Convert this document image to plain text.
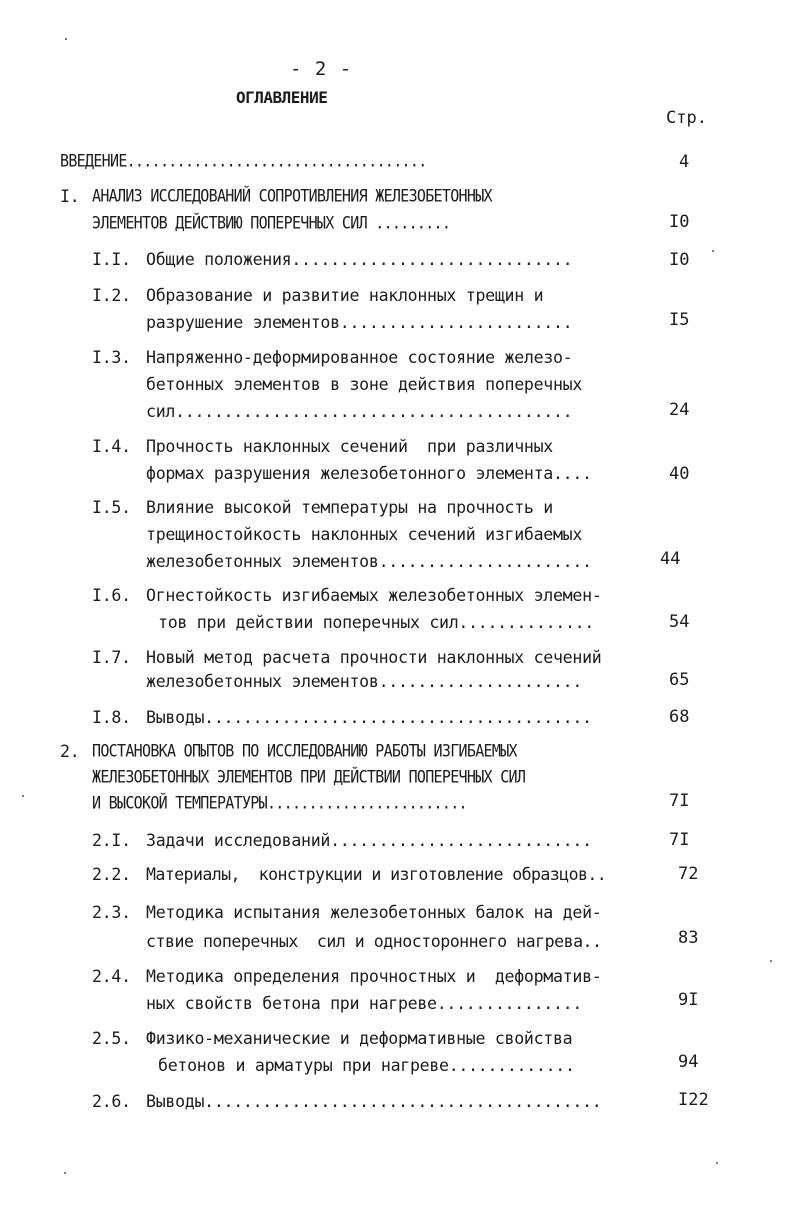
- 2 -
ОГЛАВЛЕНИЕ
Стр.
ВВЕДЕНИЕ....................................	4
I. АНАЛИЗ ИССЛЕДОВАНИЙ СОПРОТИВЛЕНИЯ ЖЕЛЕЗОБЕТОННЫХ
ЭЛЕМЕНТОВ ДЕЙСТВИЮ ПОПЕРЕЧНЫХ СИЛ .........	I0
I.I. Общие положения.............................	I0
I.2. Образование и развитие наклонных трещин и
разрушение элементов........................	I5
I.3. Напряженно-деформированное состояние железо-
бетонных элементов в зоне действия поперечных
сил.........................................	24
I.4. Прочность наклонных сечений  при различных
формах разрушения железобетонного элемента....	40
I.5. Влияние высокой температуры на прочность и
трещиностойкость наклонных сечений изгибаемых
железобетонных элементов......................	44
I.6. Огнестойкость изгибаемых железобетонных элемен-
тов при действии поперечных сил..............	54
I.7. Новый метод расчета прочности наклонных сечений
железобетонных элементов.....................	65
I.8. Выводы........................................	68
2. ПОСТАНОВКА ОПЫТОВ ПО ИССЛЕДОВАНИЮ РАБОТЫ ИЗГИБАЕМЫХ
ЖЕЛЕЗОБЕТОННЫХ ЭЛЕМЕНТОВ ПРИ ДЕЙСТВИИ ПОПЕРЕЧНЫХ СИЛ
И ВЫСОКОЙ ТЕМПЕРАТУРЫ........................	7I
2.I. Задачи исследований...........................	7I
2.2. Материалы,  конструкции и изготовление образцов..	72
2.3. Методика испытания железобетонных балок на дей-
ствие поперечных  сил и одностороннего нагрева..	83
2.4. Методика определения прочностных и  деформатив-
ных свойств бетона при нагреве...............	9I
2.5. Физико-механические и деформативные свойства
бетонов и арматуры при нагреве.............	94
2.6. Выводы.........................................	I22
